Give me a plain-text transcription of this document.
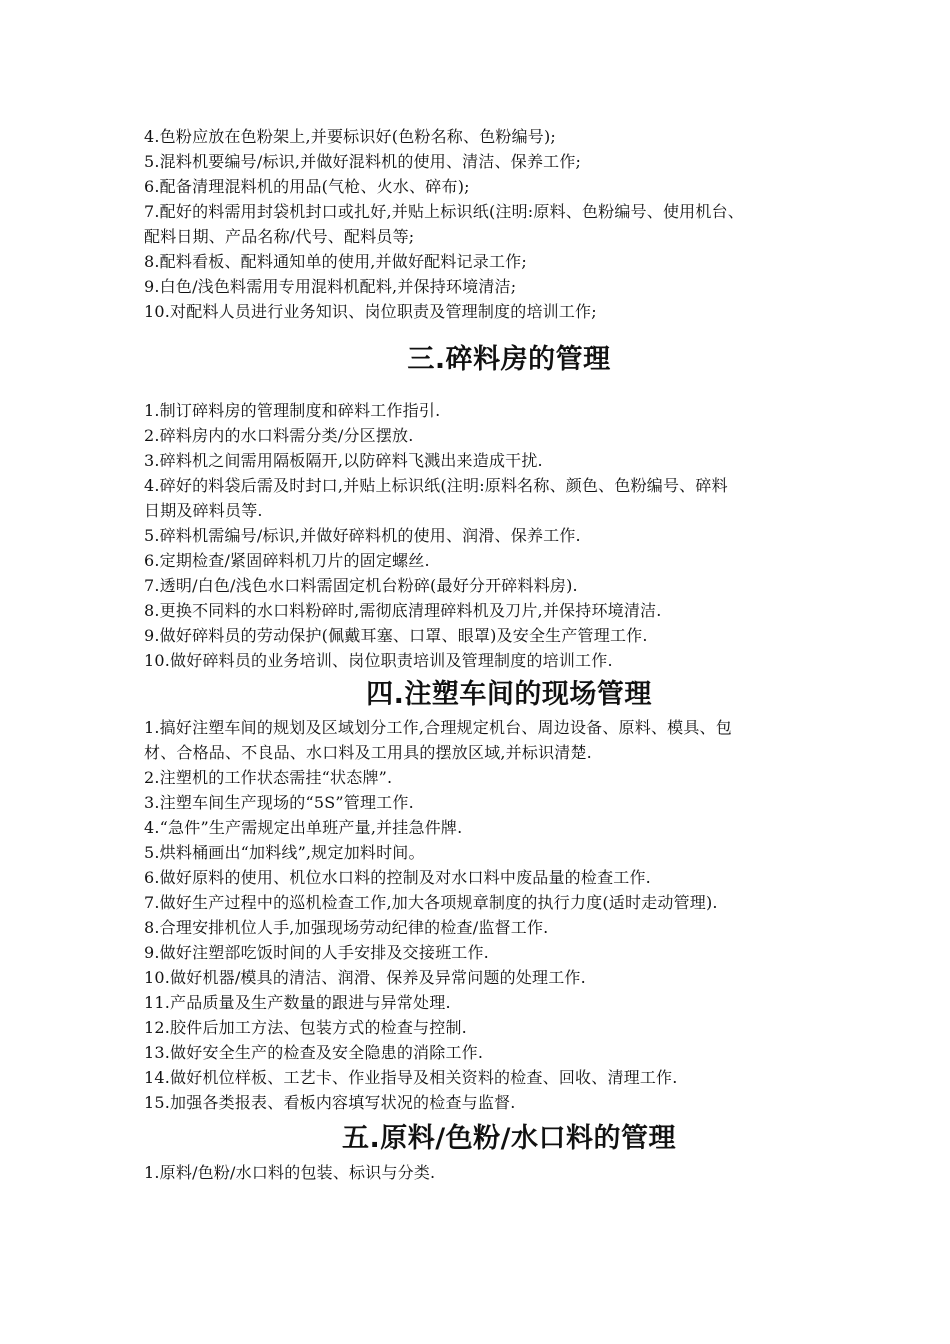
4.色粉应放在色粉架上,并要标识好(色粉名称、色粉编号);
5.混料机要编号/标识,并做好混料机的使用、清洁、保养工作;
6.配备清理混料机的用品(气枪、火水、碎布);
7.配好的料需用封袋机封口或扎好,并贴上标识纸(注明:原料、色粉编号、使用机台、
配料日期、产品名称/代号、配料员等;
8.配料看板、配料通知单的使用,并做好配料记录工作;
9.白色/浅色料需用专用混料机配料,并保持环境清洁;
10.对配料人员进行业务知识、岗位职责及管理制度的培训工作;
三.碎料房的管理
1.制订碎料房的管理制度和碎料工作指引.
2.碎料房内的水口料需分类/分区摆放.
3.碎料机之间需用隔板隔开,以防碎料飞溅出来造成干扰.
4.碎好的料袋后需及时封口,并贴上标识纸(注明:原料名称、颜色、色粉编号、碎料
日期及碎料员等.
5.碎料机需编号/标识,并做好碎料机的使用、润滑、保养工作.
6.定期检查/紧固碎料机刀片的固定螺丝.
7.透明/白色/浅色水口料需固定机台粉碎(最好分开碎料料房).
8.更换不同料的水口料粉碎时,需彻底清理碎料机及刀片,并保持环境清洁.
9.做好碎料员的劳动保护(佩戴耳塞、口罩、眼罩)及安全生产管理工作.
10.做好碎料员的业务培训、岗位职责培训及管理制度的培训工作.
四.注塑车间的现场管理
1.搞好注塑车间的规划及区域划分工作,合理规定机台、周边设备、原料、模具、包
材、合格品、不良品、水口料及工用具的摆放区域,并标识清楚.
2.注塑机的工作状态需挂“状态牌”.
3.注塑车间生产现场的“5S”管理工作.
4.“急件”生产需规定出单班产量,并挂急件牌.
5.烘料桶画出“加料线”,规定加料时间。
6.做好原料的使用、机位水口料的控制及对水口料中废品量的检查工作.
7.做好生产过程中的巡机检查工作,加大各项规章制度的执行力度(适时走动管理).
8.合理安排机位人手,加强现场劳动纪律的检查/监督工作.
9.做好注塑部吃饭时间的人手安排及交接班工作.
10.做好机器/模具的清洁、润滑、保养及异常问题的处理工作.
11.产品质量及生产数量的跟进与异常处理.
12.胶件后加工方法、包装方式的检查与控制.
13.做好安全生产的检查及安全隐患的消除工作.
14.做好机位样板、工艺卡、作业指导及相关资料的检查、回收、清理工作.
15.加强各类报表、看板内容填写状况的检查与监督.
五.原料/色粉/水口料的管理
1.原料/色粉/水口料的包装、标识与分类.
